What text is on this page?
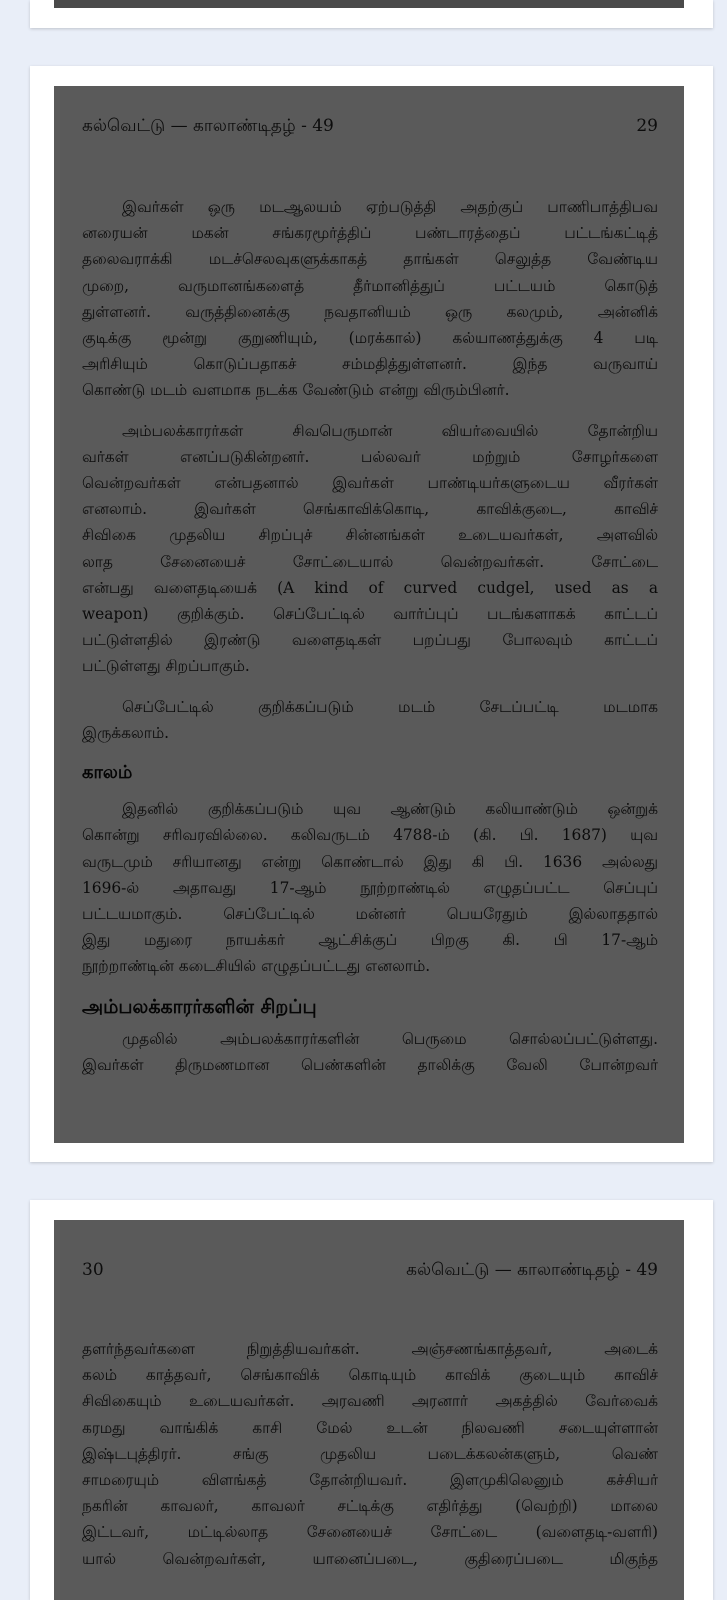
கல்வெட்டு — காலாண்டிதழ் - 49	29
இவர்கள் ஒரு மடஆலயம் ஏற்படுத்தி அதற்குப் பாணிபாத்திபவ
னரையன் மகன் சங்கரமூர்த்திப் பண்டாரத்தைப் பட்டங்கட்டித்
தலைவராக்கி மடச்செலவுகளுக்காகத் தாங்கள் செலுத்த வேண்டிய
முறை, வருமானங்களைத் தீர்மானித்துப் பட்டயம் கொடுத்
துள்ளனர். வருத்தினைக்கு நவதானியம் ஒரு கலமும், அன்னிக்
குடிக்கு மூன்று குறுணியும், (மரக்கால்) கல்யாணத்துக்கு 4 படி
அரிசியும் கொடுப்பதாகச் சம்மதித்துள்ளனர். இந்த வருவாய்
கொண்டு மடம் வளமாக நடக்க வேண்டும் என்று விரும்பினர்.
அம்பலக்காரர்கள் சிவபெருமான் வியர்வையில் தோன்றிய
வர்கள் எனப்படுகின்றனர். பல்லவர் மற்றும் சோழர்களை
வென்றவர்கள் என்பதனால் இவர்கள் பாண்டியர்களுடைய வீரர்கள்
எனலாம். இவர்கள் செங்காவிக்கொடி, காவிக்குடை, காவிச்
சிவிகை முதலிய சிறப்புச் சின்னங்கள் உடையவர்கள், அளவில்
லாத சேனையைச் சோட்டையால் வென்றவர்கள். சோட்டை
என்பது வளைதடியைக் (A kind of curved cudgel, used as a
weapon) குறிக்கும். செப்பேட்டில் வார்ப்புப் படங்களாகக் காட்டப்
பட்டுள்ளதில் இரண்டு வளைதடிகள் பறப்பது போலவும் காட்டப்
பட்டுள்ளது சிறப்பாகும்.
செப்பேட்டில் குறிக்கப்படும் மடம் சேடப்பட்டி மடமாக
இருக்கலாம்.
காலம்
இதனில் குறிக்கப்படும் யுவ ஆண்டும் கலியாண்டும் ஒன்றுக்
கொன்று சரிவரவில்லை. கலிவருடம் 4788-ம் (கி. பி. 1687) யுவ
வருடமும் சரியானது என்று கொண்டால் இது கி பி. 1636 அல்லது
1696-ல் அதாவது 17-ஆம் நூற்றாண்டில் எழுதப்பட்ட செப்புப்
பட்டயமாகும். செப்பேட்டில் மன்னர் பெயரேதும் இல்லாததால்
இது மதுரை நாயக்கர் ஆட்சிக்குப் பிறகு கி. பி 17-ஆம்
நூற்றாண்டின் கடைசியில் எழுதப்பட்டது எனலாம்.
அம்பலக்காரர்களின் சிறப்பு
முதலில் அம்பலக்காரர்களின் பெருமை சொல்லப்பட்டுள்ளது.
இவர்கள் திருமணமான பெண்களின் தாலிக்கு வேலி போன்றவர்
30	கல்வெட்டு — காலாண்டிதழ் - 49
தளர்ந்தவர்களை நிறுத்தியவர்கள். அஞ்சணங்காத்தவர், அடைக்
கலம் காத்தவர், செங்காவிக் கொடியும் காவிக் குடையும் காவிச்
சிவிகையும் உடையவர்கள். அரவணி அரனார் அகத்தில் வேர்வைக்
கரமது வாங்கிக் காசி மேல் உடன் நிலவணி சடையுள்ளான்
இஷ்டபுத்திரர். சங்கு முதலிய படைக்கலன்களும், வெண்
சாமரையும் விளங்கத் தோன்றியவர். இளமுகிலெனும் கச்சியர்
நகரின் காவலர், காவலர் சட்டிக்கு எதிர்த்து (வெற்றி) மாலை
இட்டவர், மட்டில்லாத சேனையைச் சோட்டை (வளைதடி-வளரி)
யால் வென்றவர்கள், யானைப்படை, குதிரைப்படை மிகுந்த
